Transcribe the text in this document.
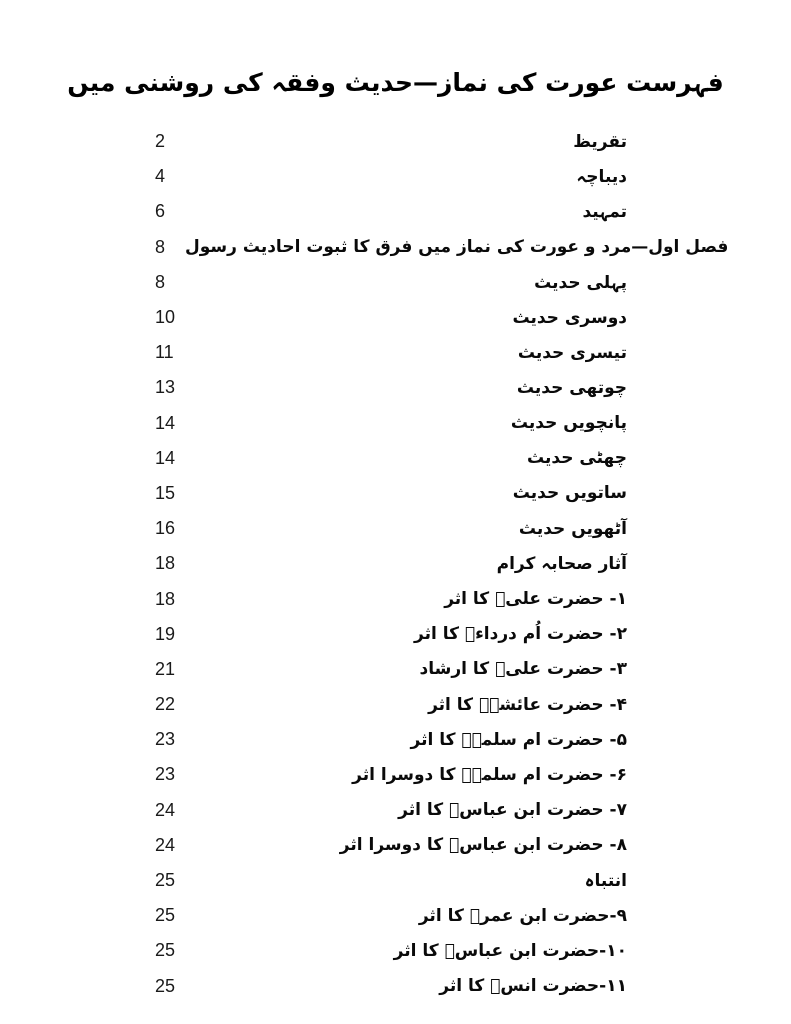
فہرست عورت کی نماز—حدیث وفقہ کی روشنی میں
2	تقریظ
4	دیباچہ
6	تمہید
8	فصل اول—مرد و عورت کی نماز میں فرق کا ثبوت احادیث رسول
8	پہلی حدیث
10	دوسری حدیث
11	تیسری حدیث
13	چوتھی حدیث
14	پانچویں حدیث
14	چھٹی حدیث
15	ساتویں حدیث
16	آٹھویں حدیث
18	آثار صحابہ کرام
18	۱- حضرت علیؓ کا اثر
19	۲- حضرت اُم درداءؓ کا اثر
21	۳- حضرت علیؓ کا ارشاد
22	۴- حضرت عائشہؓ کا اثر
23	۵- حضرت ام سلمہؓ کا اثر
23	۶- حضرت ام سلمہؓ کا دوسرا اثر
24	۷- حضرت ابن عباسؓ کا اثر
24	۸- حضرت ابن عباسؓ کا دوسرا اثر
25	انتباہ
25	۹-حضرت ابن عمرؓ کا اثر
25	۱۰-حضرت ابن عباسؓ کا اثر
25	۱۱-حضرت انسؓ کا اثر
